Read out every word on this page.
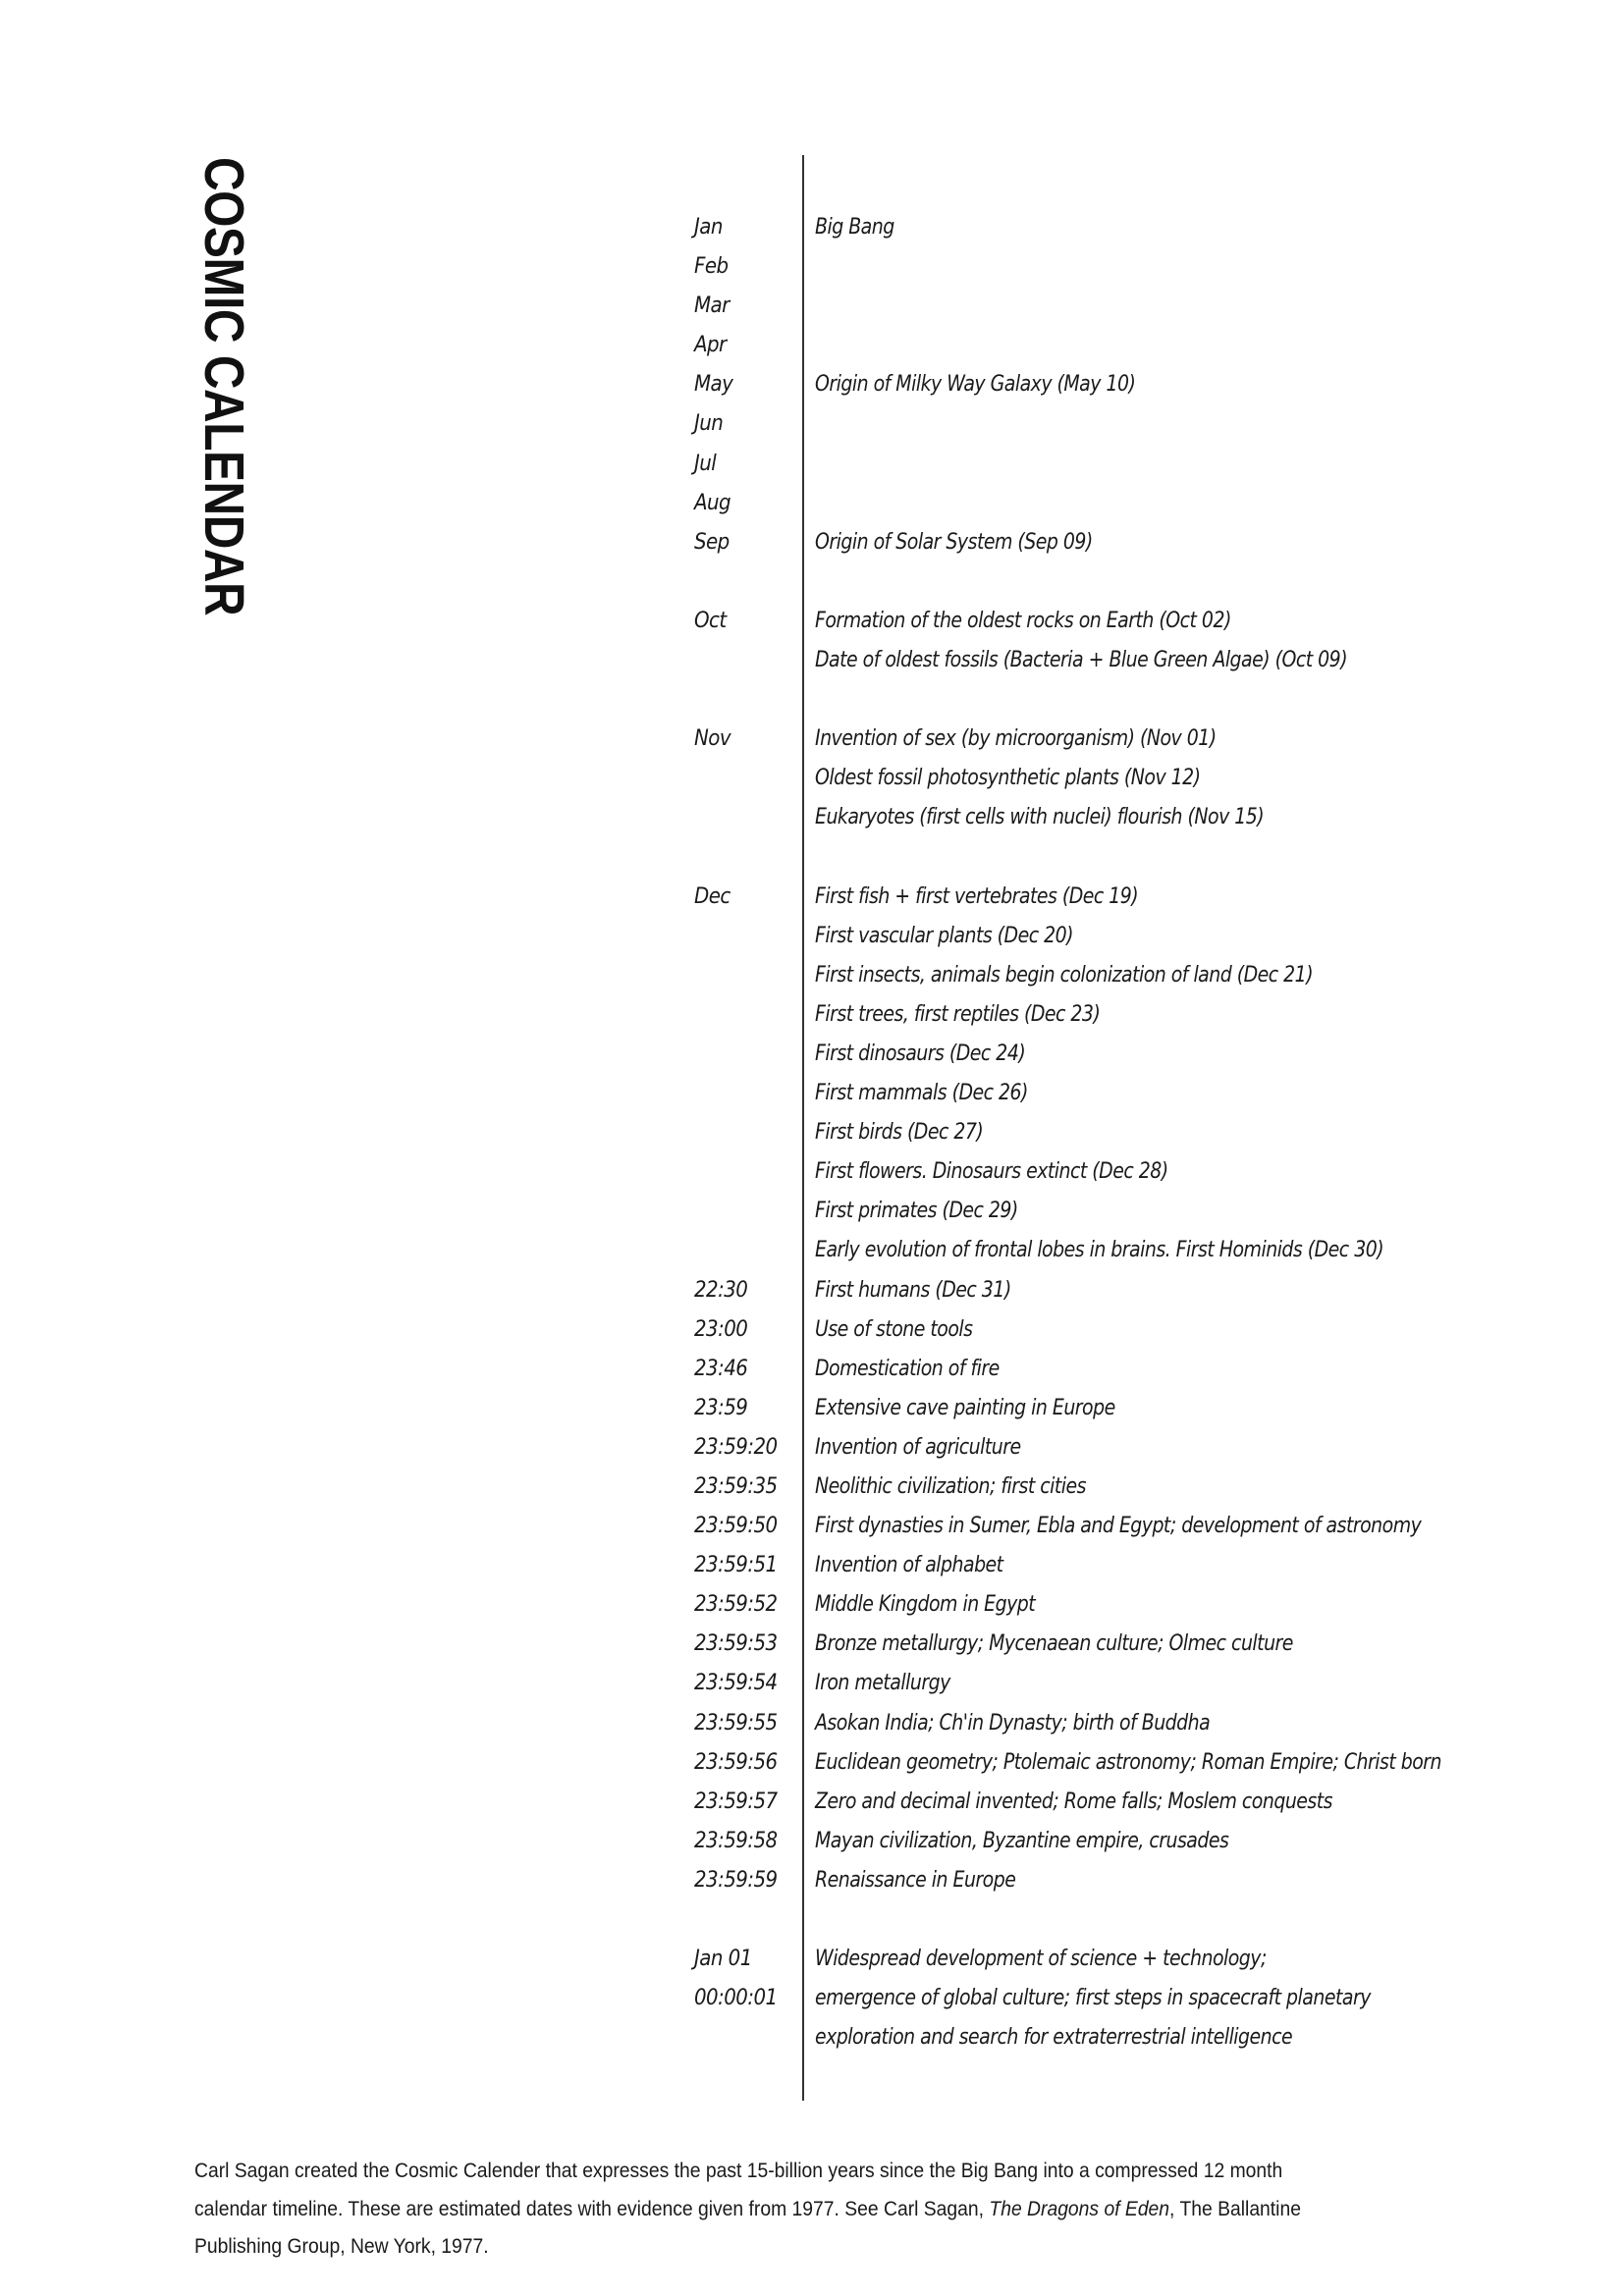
COSMIC CALENDAR	Jan	Big Bang
Feb
Mar
Apr
May	Origin of Milky Way Galaxy (May 10)
Jun
Jul
Aug
Sep	Origin of Solar System (Sep 09)
Oct	Formation of the oldest rocks on Earth (Oct 02)
Date of oldest fossils (Bacteria + Blue Green Algae) (Oct 09)
Nov	Invention of sex (by microorganism) (Nov 01)
Oldest fossil photosynthetic plants (Nov 12)
Eukaryotes (first cells with nuclei) flourish (Nov 15)
Dec	First fish + first vertebrates (Dec 19)
First vascular plants (Dec 20)
First insects, animals begin colonization of land (Dec 21)
First trees, first reptiles (Dec 23)
First dinosaurs (Dec 24)
First mammals (Dec 26)
First birds (Dec 27)
First flowers. Dinosaurs extinct (Dec 28)
First primates (Dec 29)
Early evolution of frontal lobes in brains. First Hominids (Dec 30)
22:30	First humans (Dec 31)
23:00	Use of stone tools
23:46	Domestication of fire
23:59	Extensive cave painting in Europe
23:59:20 Invention of agriculture
23:59:35 Neolithic civilization; first cities
23:59:50 First dynasties in Sumer, Ebla and Egypt; development of astronomy
23:59:51 Invention of alphabet
23:59:52 Middle Kingdom in Egypt
23:59:53 Bronze metallurgy; Mycenaean culture; Olmec culture
23:59:54 Iron metallurgy
23:59:55 Asokan India; Ch'in Dynasty; birth of Buddha
23:59:56 Euclidean geometry; Ptolemaic astronomy; Roman Empire; Christ born
23:59:57 Zero and decimal invented; Rome falls; Moslem conquests
23:59:58 Mayan civilization, Byzantine empire, crusades
23:59:59 Renaissance in Europe
Jan 01	Widespread development of science + technology;
00:00:01 emergence of global culture; first steps in spacecraft planetary
exploration and search for extraterrestrial intelligence
Carl Sagan created the Cosmic Calender that expresses the past 15-billion years since the Big Bang into a compressed 12 month
calendar timeline. These are estimated dates with evidence given from 1977. See Carl Sagan, The Dragons of Eden, The Ballantine
Publishing Group, New York, 1977.
